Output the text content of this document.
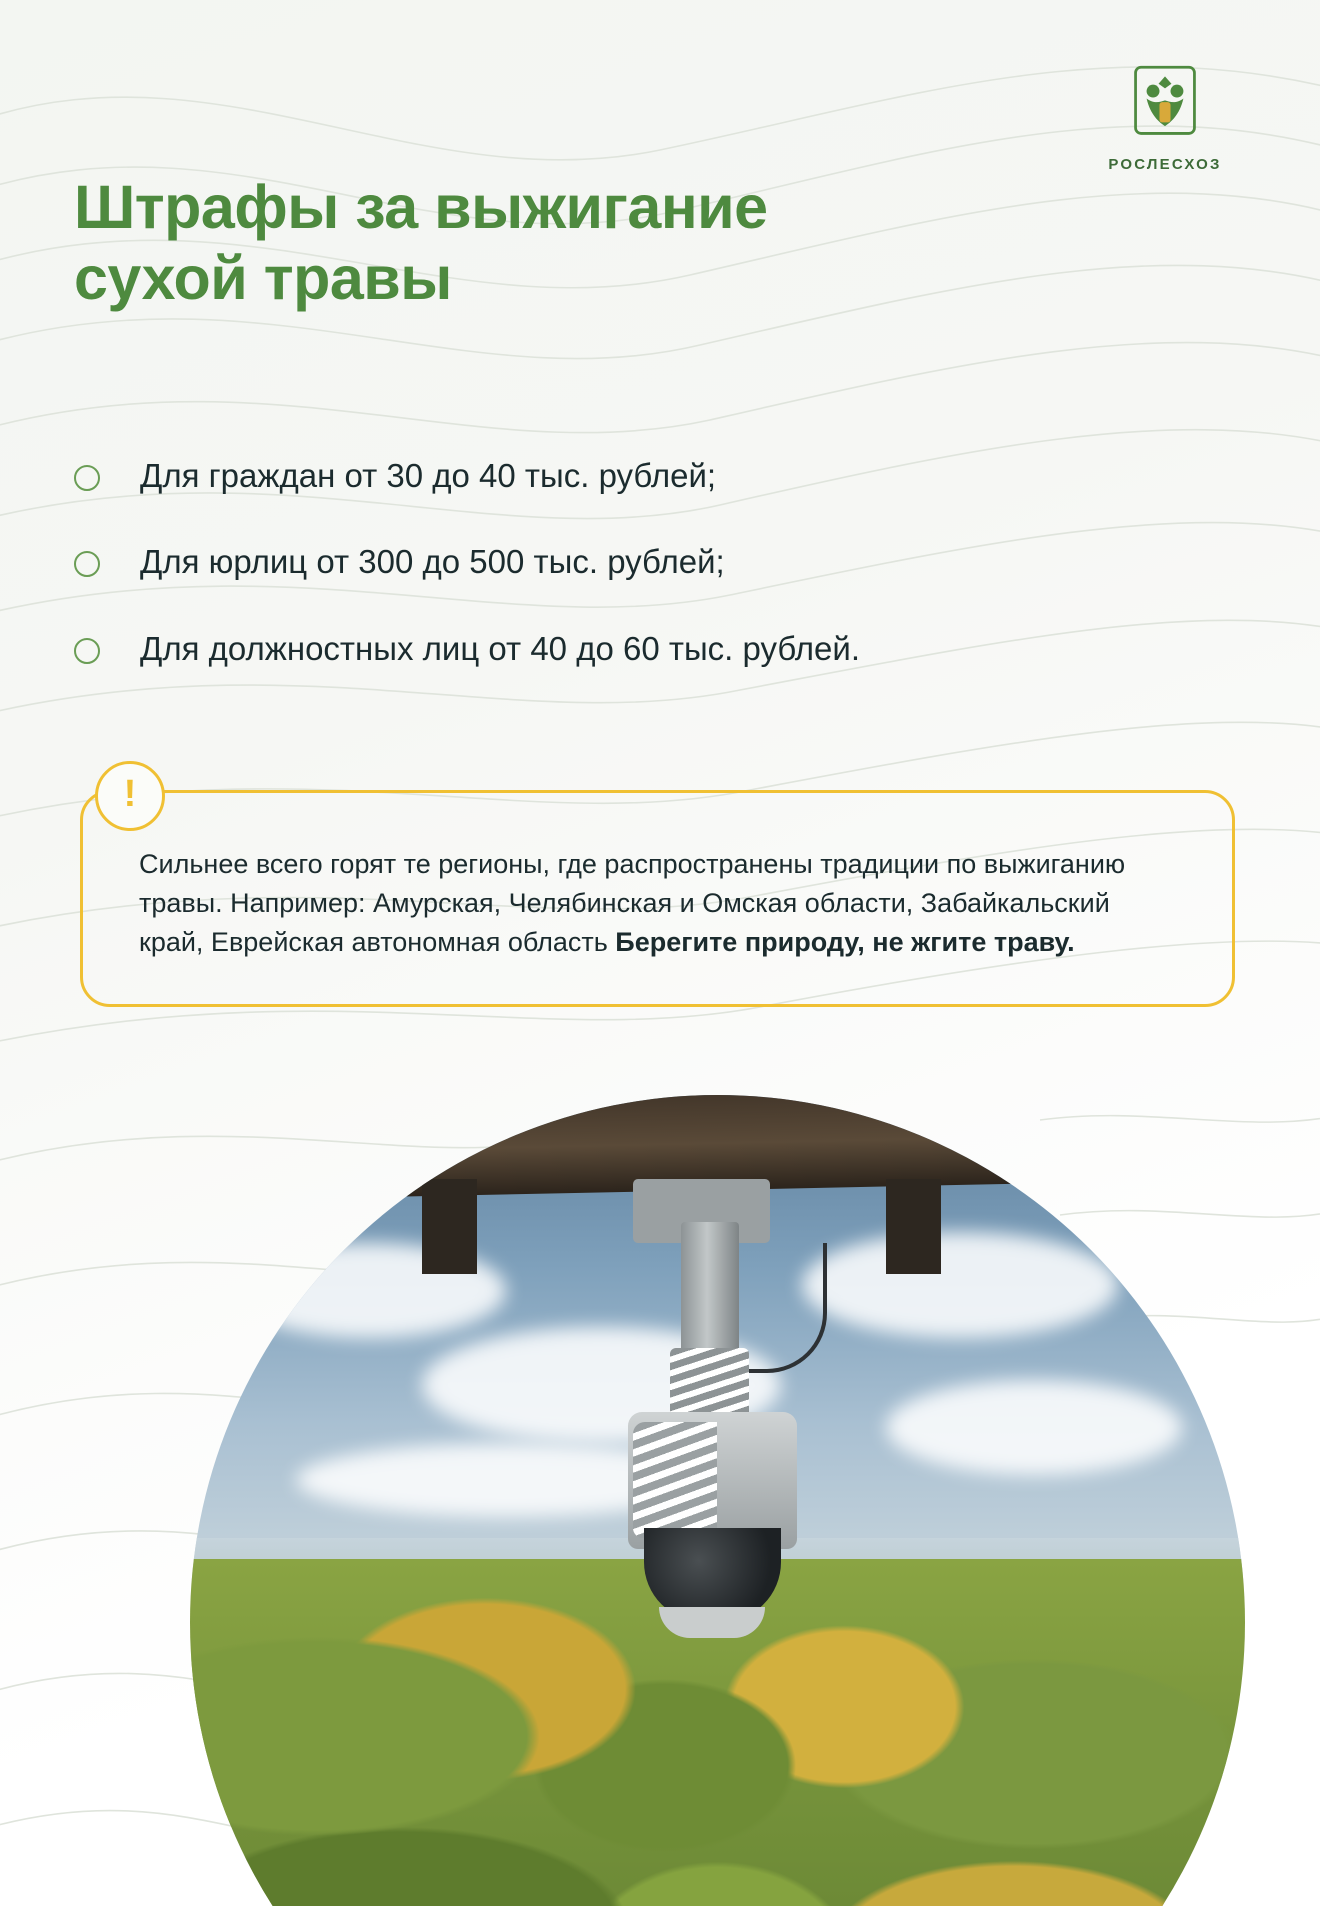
РОСЛЕСХОЗ
Штрафы за выжигание
сухой травы
Для граждан от 30 до 40 тыс. рублей;
Для юрлиц от 300 до 500 тыс. рублей;
Для должностных лиц от 40 до 60 тыс. рублей.
!
Сильнее всего горят те регионы, где распространены традиции по выжиганию травы. Например: Амурская, Челябинская и Омская области, Забайкальский край, Еврейская автономная область Берегите природу, не жгите траву.
